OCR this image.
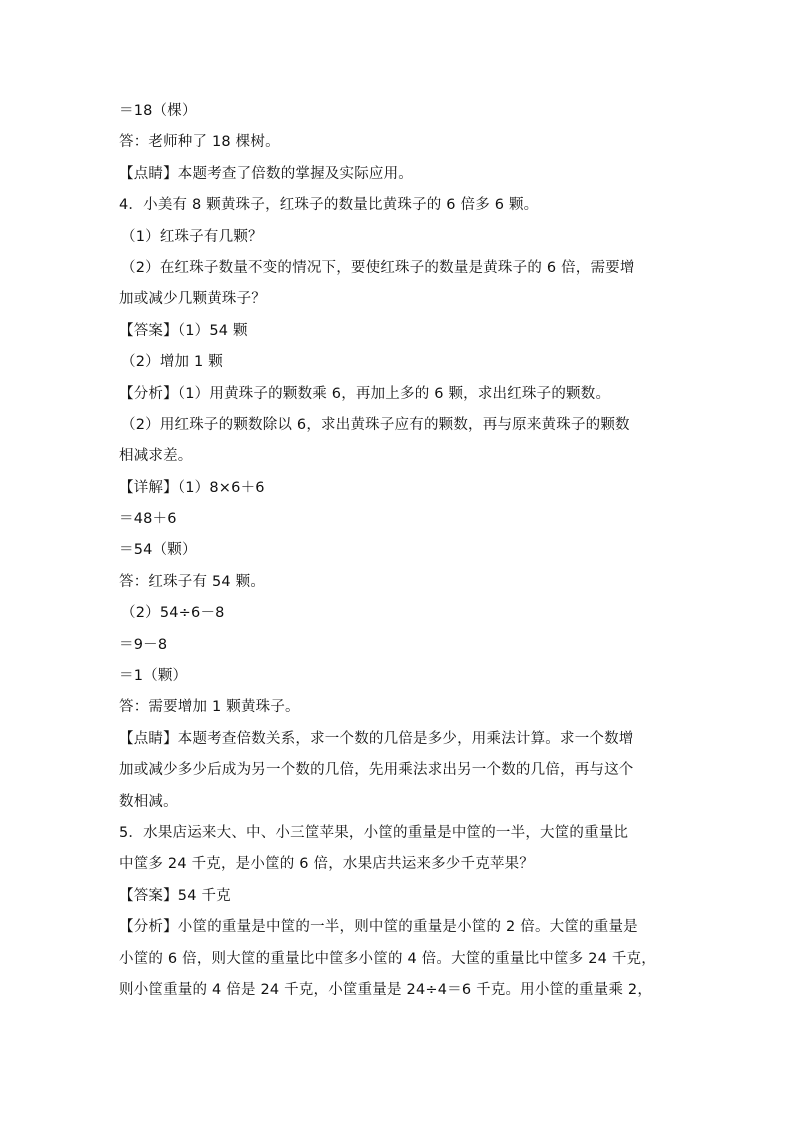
＝18（棵）
答：老师种了 18 棵树。
【点睛】本题考查了倍数的掌握及实际应用。
4．小美有 8 颗黄珠子，红珠子的数量比黄珠子的 6 倍多 6 颗。
（1）红珠子有几颗？
（2）在红珠子数量不变的情况下，要使红珠子的数量是黄珠子的 6 倍，需要增
加或减少几颗黄珠子？
【答案】（1）54 颗
（2）增加 1 颗
【分析】（1）用黄珠子的颗数乘 6，再加上多的 6 颗，求出红珠子的颗数。
（2）用红珠子的颗数除以 6，求出黄珠子应有的颗数，再与原来黄珠子的颗数
相减求差。
【详解】（1）8×6＋6
＝48＋6
＝54（颗）
答：红珠子有 54 颗。
（2）54÷6－8
＝9－8
＝1（颗）
答：需要增加 1 颗黄珠子。
【点睛】本题考查倍数关系，求一个数的几倍是多少，用乘法计算。求一个数增
加或减少多少后成为另一个数的几倍，先用乘法求出另一个数的几倍，再与这个
数相减。
5．水果店运来大、中、小三筐苹果，小筐的重量是中筐的一半，大筐的重量比
中筐多 24 千克，是小筐的 6 倍，水果店共运来多少千克苹果？
【答案】54 千克
【分析】小筐的重量是中筐的一半，则中筐的重量是小筐的 2 倍。大筐的重量是
小筐的 6 倍，则大筐的重量比中筐多小筐的 4 倍。大筐的重量比中筐多 24 千克，
则小筐重量的 4 倍是 24 千克，小筐重量是 24÷4＝6 千克。用小筐的重量乘 2，
